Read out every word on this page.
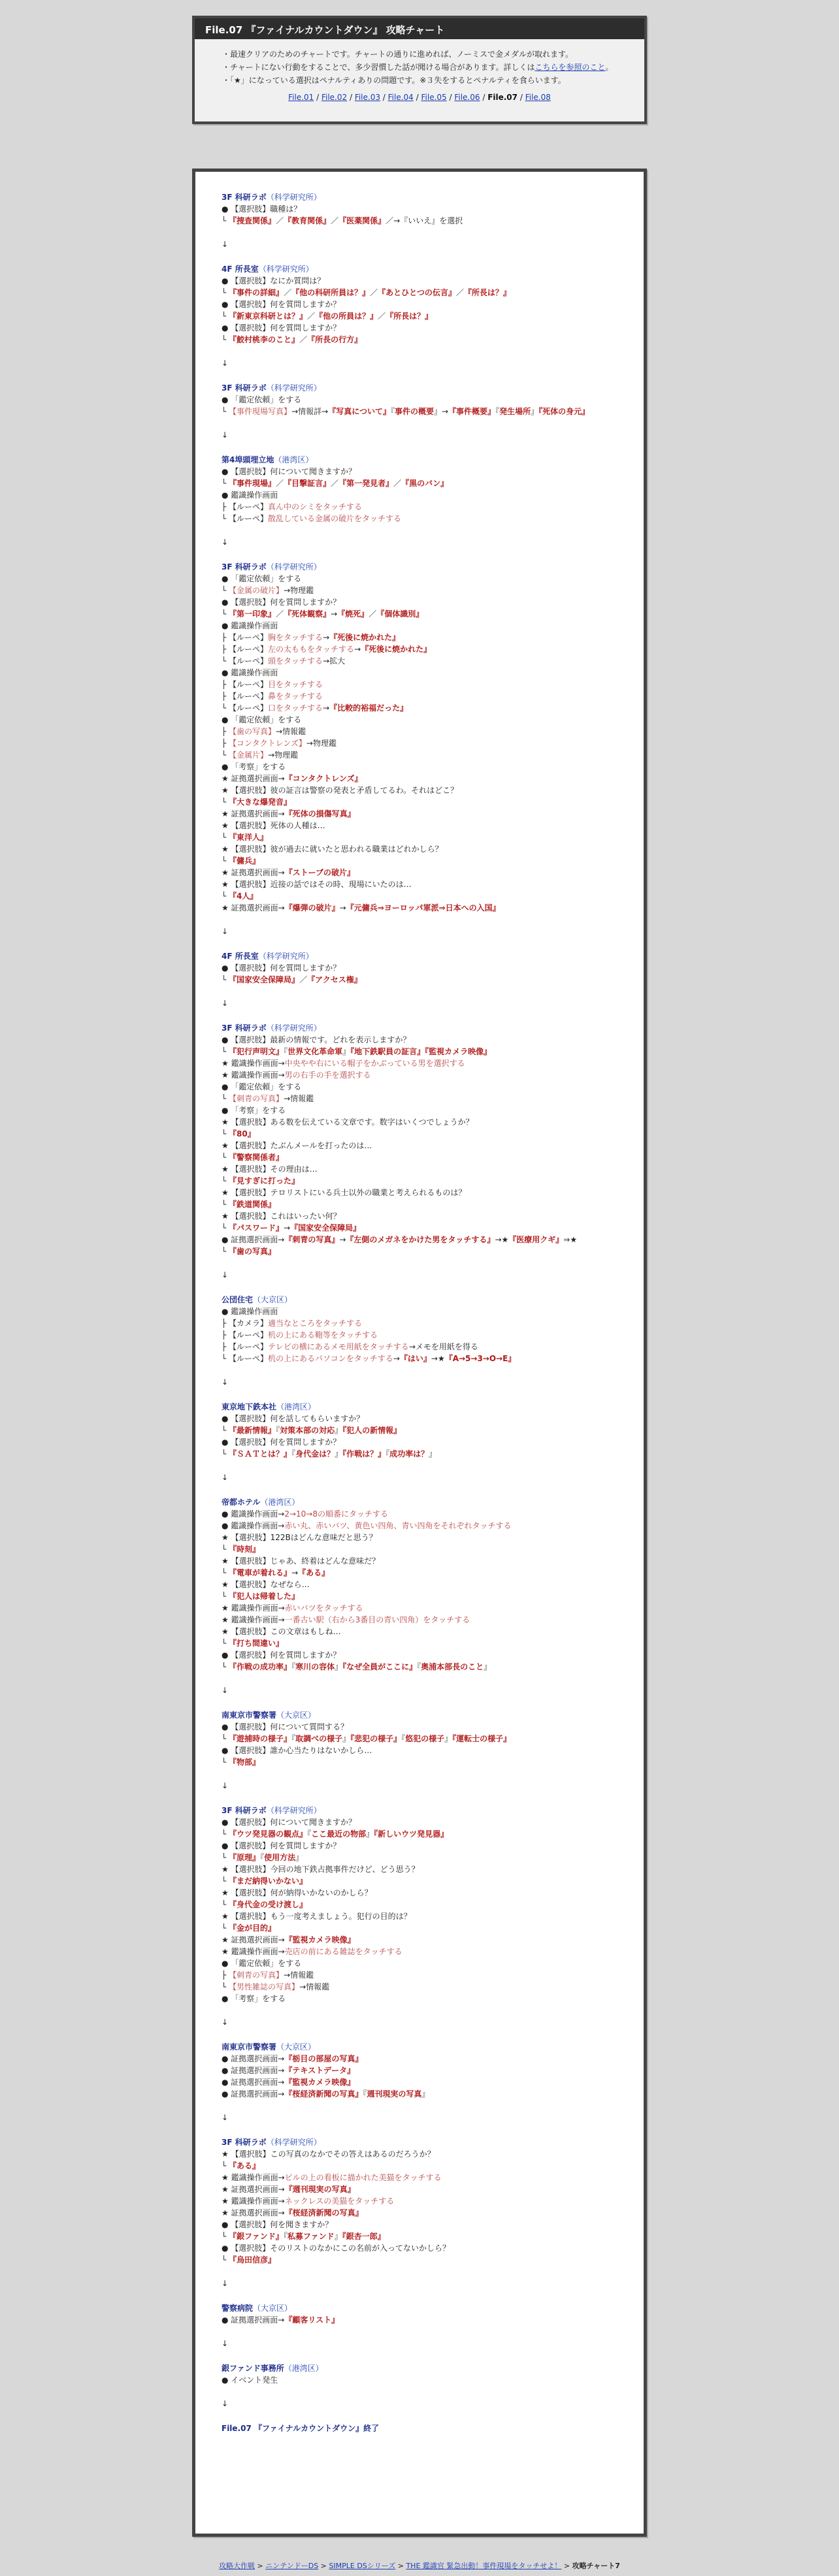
File.07 『ファイナルカウントダウン』 攻略チャート
・ 最速クリアのためのチャートです。チャートの通りに進めれば、ノーミスで金メダルが取れます。
・ チャートにない行動をすることで、多少習慣した話が聞ける場合があります。詳しくはこちらを参照のこと。
・ 「★」になっている選択はペナルティありの問題です。※３失をするとペナルティを食らいます。
File.01 / File.02 / File.03 / File.04 / File.05 / File.06 / File.07 / File.08
3F 科研ラボ（科学研究所）
● 【選択肢】職種は？
└ 『捜査関係』／『教育関係』／『医薬関係』／→『いいえ』を選択
↓
4F 所長室（科学研究所）
● 【選択肢】なにか質問は？
└ 『事件の詳細』／『他の科研所員は？』／『あとひとつの伝言』／『所長は？』
● 【選択肢】何を質問しますか？
└ 『新東京科研とは？』／『他の所員は？』／『所長は？』
● 【選択肢】何を質問しますか？
└ 『鮫村桃李のこと』／『所長の行方』
↓
3F 科研ラボ（科学研究所）
● 「鑑定依頼」をする
└ 【事件現場写真】→情報詳→『写真について』『事件の概要』→『事件概要』『発生場所』『死体の身元』
↓
第4埠頭埋立地（港湾区）
● 【選択肢】何について聞きますか？
└ 『事件現場』／『目撃証言』／『第一発見者』／『黒のバン』
● 鑑識操作画面
├ 【ルーペ】真ん中のシミをタッチする
└ 【ルーペ】散乱している金属の破片をタッチする
↓
3F 科研ラボ（科学研究所）
● 「鑑定依頼」をする
└ 【金属の破片】→物理鑑
● 【選択肢】何を質問しますか？
└ 『第一印象』／『死体観察』→『焼死』／『個体識別』
● 鑑識操作画面
├ 【ルーペ】胸をタッチする→『死後に焼かれた』
├ 【ルーペ】左の太ももをタッチする→『死後に焼かれた』
└ 【ルーペ】頭をタッチする→拡大
● 鑑識操作画面
├ 【ルーペ】目をタッチする
├ 【ルーペ】鼻をタッチする
└ 【ルーペ】口をタッチする→『比較的裕福だった』
● 「鑑定依頼」をする
├ 【歯の写真】→情報鑑
├ 【コンタクトレンズ】→物理鑑
└ 【金属片】→物理鑑
● 「考察」をする
★ 証拠選択画面→『コンタクトレンズ』
★ 【選択肢】彼の証言は警察の発表と矛盾してるわ。それはどこ？
└ 『大きな爆発音』
★ 証拠選択画面→『死体の損傷写真』
★ 【選択肢】死体の人種は…
└ 『東洋人』
★ 【選択肢】彼が過去に就いたと思われる職業はどれかしら？
└ 『傭兵』
★ 証拠選択画面→『ストーブの破片』
★ 【選択肢】近接の話ではその時、現場にいたのは…
└ 『4人』
★ 証拠選択画面→『爆弾の破片』→『元傭兵⇒ヨーロッパ軍派⇒日本への入国』
↓
4F 所長室（科学研究所）
● 【選択肢】何を質問しますか？
└ 『国家安全保障局』／『アクセス権』
↓
3F 科研ラボ（科学研究所）
● 【選択肢】最新の情報です。どれを表示しますか？
└ 『犯行声明文』『世界文化革命軍』『地下鉄駅員の証言』『監視カメラ映像』
★ 鑑識操作画面→中央やや右にいる帽子をかぶっている男を選択する
★ 鑑識操作画面→男の右手の手を選択する
● 「鑑定依頼」をする
└ 【刺青の写真】→情報鑑
● 「考察」をする
★ 【選択肢】ある数を伝えている文章です。数字はいくつでしょうか？
└ 『80』
★ 【選択肢】たぶんメールを打ったのは…
└ 『警察関係者』
★ 【選択肢】その理由は…
└ 『見すぎに打った』
★ 【選択肢】テロリストにいる兵士以外の職業と考えられるものは？
└ 『鉄道関係』
★ 【選択肢】これはいったい何？
└ 『パスワード』→『国家安全保障局』
● 証拠選択画面→『刺青の写真』→『左側のメガネをかけた男をタッチする』→★『医療用クギ』⇒★
└ 『歯の写真』
↓
公団住宅（大京区）
● 鑑識操作画面
├ 【カメラ】適当なところをタッチする
├ 【ルーペ】机の上にある鞄等をタッチする
├ 【ルーペ】テレビの横にあるメモ用紙をタッチする→メモを用紙を得る
└ 【ルーペ】机の上にあるパソコンをタッチする→『はい』→★『A→5→3→O→E』
↓
東京地下鉄本社（港湾区）
● 【選択肢】何を話してもらいますか？
└ 『最新情報』『対策本部の対応』『犯人の新情報』
● 【選択肢】何を質問しますか？
└ 『ＳＡＴとは？』『身代金は？』『作戦は？』『成功率は？』
↓
帝都ホテル（港湾区）
● 鑑識操作画面→2→10→8の順番にタッチする
● 鑑識操作画面→赤い丸、赤いバツ、黄色い四角、青い四角をそれぞれタッチする
★ 【選択肢】122Bはどんな意味だと思う？
└ 『時刻』
★ 【選択肢】じゃあ、終着はどんな意味だ？
└ 『電車が着れる』→『ある』
★ 【選択肢】なぜなら…
└ 『犯人は帰着した』
★ 鑑識操作画面→赤いバツをタッチする
★ 鑑識操作画面→一番古い駅（右から3番目の青い四角）をタッチする
★ 【選択肢】この文章はもしね…
└ 『打ち間違い』
● 【選択肢】何を質問しますか？
└ 『作戦の成功率』『寒川の容体』『なぜ全員がここに』『奥浦本部長のこと』
↓
南東京市警察署（大京区）
● 【選択肢】何について質問する？
└ 『遊捕時の様子』『取調べの様子』『悲犯の様子』『悠犯の様子』『運転士の様子』
● 【選択肢】誰か心当たりはないかしら…
└ 『物部』
↓
3F 科研ラボ（科学研究所）
● 【選択肢】何について聞きますか？
└ 『ウツ発見器の観点』『ここ最近の物部』『新しいウツ発見器』
● 【選択肢】何を質問しますか？
└ 『原理』『使用方法』
★ 【選択肢】今回の地下鉄占拠事件だけど、どう思う？
└ 『まだ納得いかない』
★ 【選択肢】何が納得いかないのかしら？
└ 『身代金の受け渡し』
★ 【選択肢】もう一度考えましょう。犯行の目的は？
└ 『金が目的』
★ 証拠選択画面→『監視カメラ映像』
★ 鑑識操作画面→売店の前にある雑誌をタッチする
● 「鑑定依頼」をする
├ 【刺青の写真】→情報鑑
└ 【男性雑誌の写真】→情報鑑
● 「考察」をする
↓
南東京市警察署（大京区）
● 証拠選択画面→『栃目の部屋の写真』
● 証拠選択画面→『テキストデータ』
● 証拠選択画面→『監視カメラ映像』
● 証拠選択画面→『桜経済新聞の写真』『週刊現実の写真』
↓
3F 科研ラボ（科学研究所）
★ 【選択肢】この写真のなかでその答えはあるのだろうか？
└ 『ある』
★ 鑑識操作画面→ビルの上の看板に描かれた美猫をタッチする
★ 証拠選択画面→『週刊現実の写真』
★ 鑑識操作画面→ネックレスの美猫をタッチする
★ 証拠選択画面→『桜経済新聞の写真』
● 【選択肢】何を聞きますか？
└ 『銀ファンド』『私募ファンド』『銀杏一郎』
● 【選択肢】そのリストのなかにこの名前が入ってないかしら？
└ 『烏田信彦』
↓
警察病院（大京区）
● 証拠選択画面→『顧客リスト』
↓
銀ファンド事務所（港湾区）
● イベント発生
↓
File.07 『ファイナルカウントダウン』終了
攻略大作戦 > ニンテンドーDS > SIMPLE DSシリーズ > THE 鑑識官 緊急出動！事件現場をタッチせよ！ > 攻略チャート7
